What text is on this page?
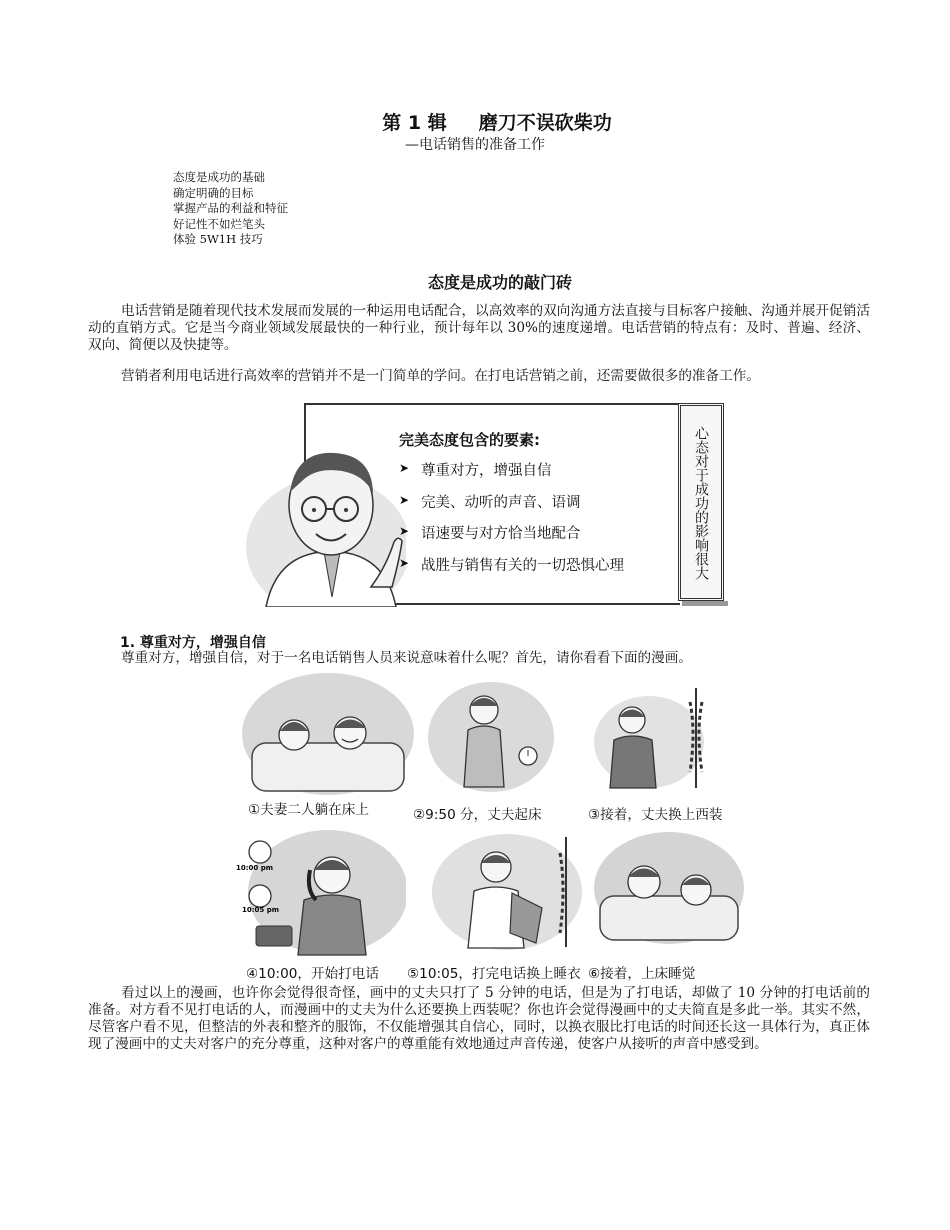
第 1 辑 磨刀不误砍柴功
—电话销售的准备工作
态度是成功的基础
确定明确的目标
掌握产品的利益和特征
好记性不如烂笔头
体验 5W1H 技巧
态度是成功的敲门砖

电话营销是随着现代技术发展而发展的一种运用电话配合，以高效率的双向沟通方法直接与目标客户接触、沟通并展开促销活动的直销方式。它是当今商业领域发展最快的一种行业，预计每年以 30%的速度递增。电话营销的特点有：及时、普遍、经济、双向、简便以及快捷等。

营销者利用电话进行高效率的营销并不是一门简单的学问。在打电话营销之前，还需要做很多的准备工作。

心态对于成功的影响很大
完美态度包含的要素:
➤ 尊重对方，增强自信
➤ 完美、动听的声音、语调
➤ 语速要与对方恰当地配合
➤ 战胜与销售有关的一切恐惧心理
1. 尊重对方，增强自信

尊重对方，增强自信，对于一名电话销售人员来说意味着什么呢？首先，请你看看下面的漫画。

①夫妻二人躺在床上	②9:50 分，丈夫起床	③接着，丈夫换上西装
10:00 pm
10:05 pm
④10:00，开始打电话 ⑤10:05，打完电话换上睡衣 ⑥接着，上床睡觉

看过以上的漫画，也许你会觉得很奇怪，画中的丈夫只打了 5 分钟的电话，但是为了打电话，却做了 10 分钟的打电话前的准备。对方看不见打电话的人，而漫画中的丈夫为什么还要换上西装呢？你也许会觉得漫画中的丈夫简直是多此一举。其实不然，尽管客户看不见，但整洁的外表和整齐的服饰，不仅能增强其自信心，同时，以换衣服比打电话的时间还长这一具体行为，真正体现了漫画中的丈夫对客户的充分尊重，这种对客户的尊重能有效地通过声音传递，使客户从接听的声音中感受到。
